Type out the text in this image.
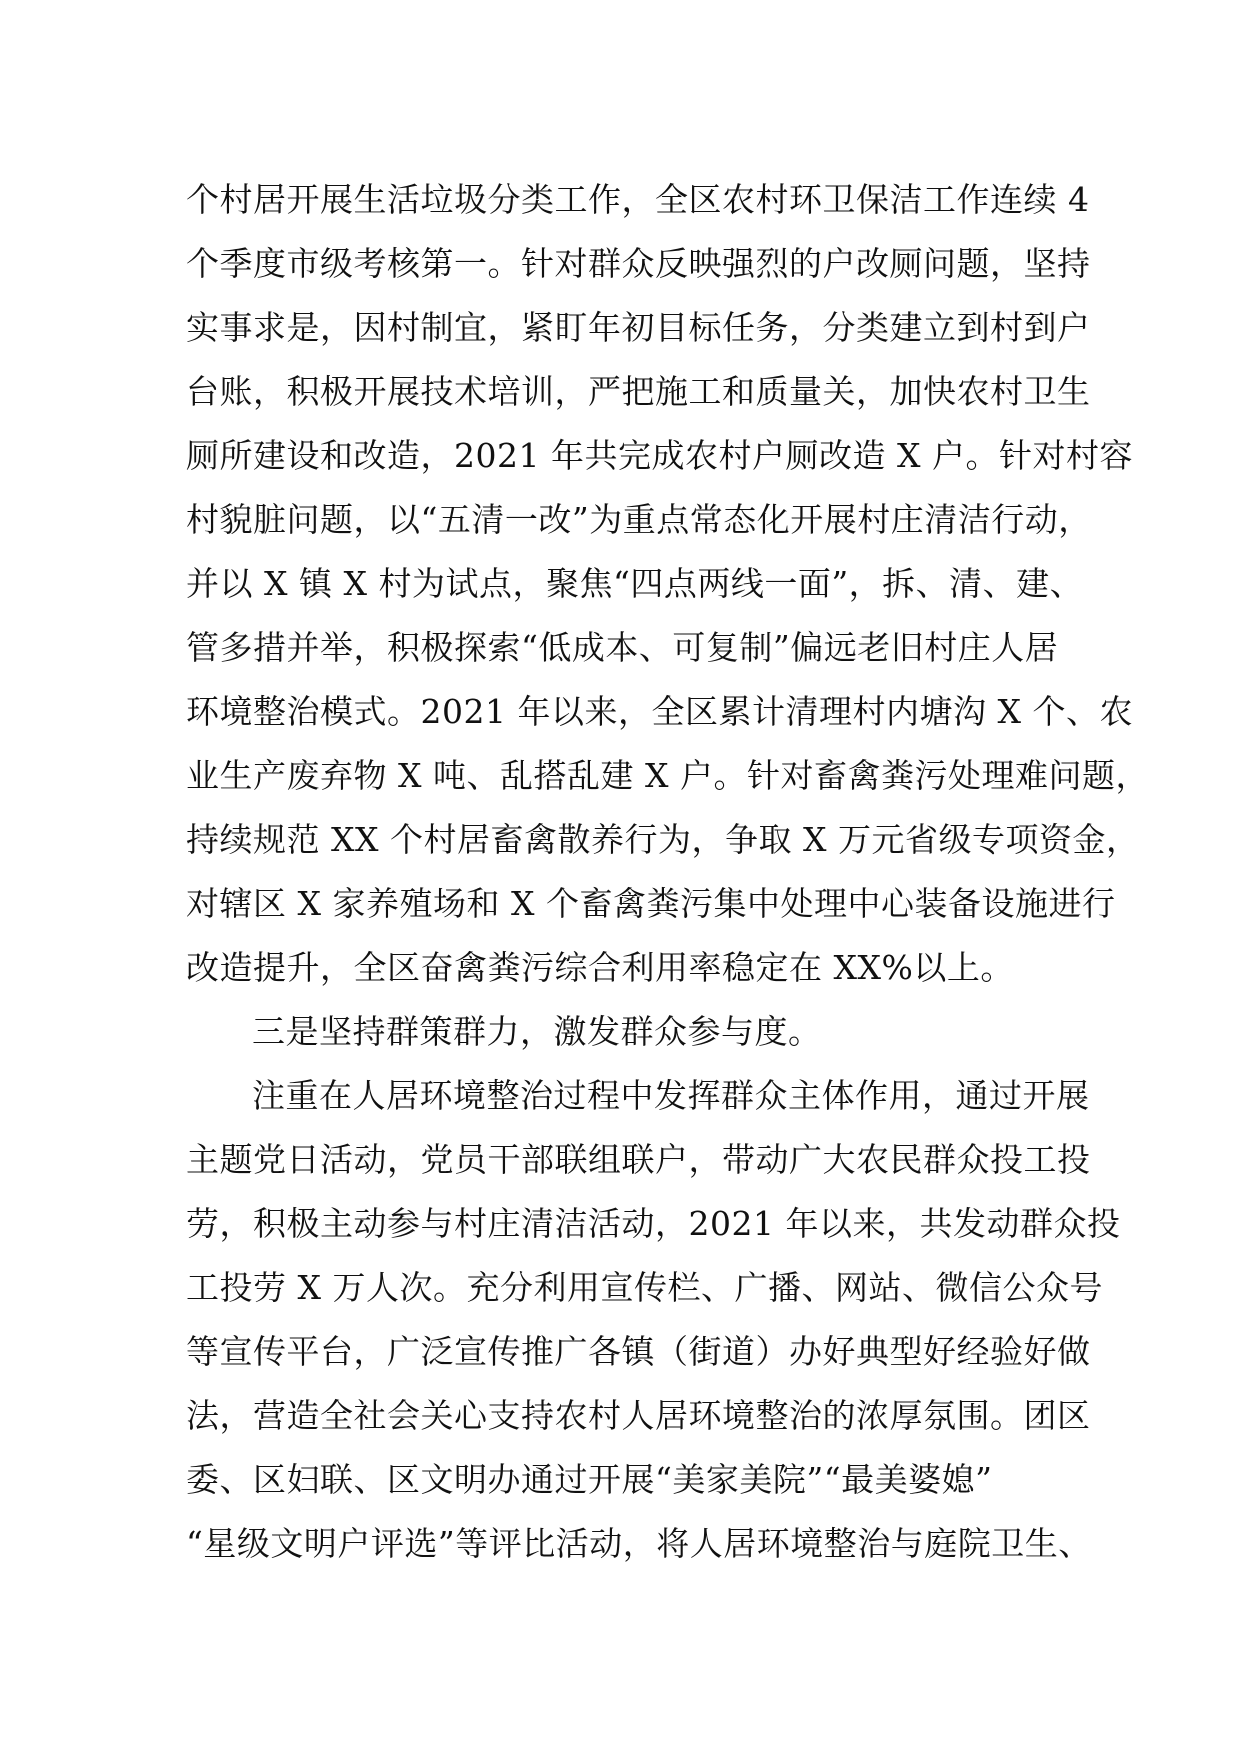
个村居开展生活垃圾分类工作，全区农村环卫保洁工作连续 4
个季度市级考核第一。针对群众反映强烈的户改厕问题，坚持
实事求是，因村制宜，紧盯年初目标任务，分类建立到村到户
台账，积极开展技术培训，严把施工和质量关，加快农村卫生
厕所建设和改造，2021 年共完成农村户厕改造 X 户。针对村容
村貌脏问题，以“五清一改”为重点常态化开展村庄清洁行动，
并以 X 镇 X 村为试点，聚焦“四点两线一面”，拆、清、建、
管多措并举，积极探索“低成本、可复制”偏远老旧村庄人居
环境整治模式。2021 年以来，全区累计清理村内塘沟 X 个、农
业生产废弃物 X 吨、乱搭乱建 X 户。针对畜禽粪污处理难问题，
持续规范 XX 个村居畜禽散养行为，争取 X 万元省级专项资金，
对辖区 X 家养殖场和 X 个畜禽粪污集中处理中心装备设施进行
改造提升，全区奋禽粪污综合利用率稳定在 XX%以上。
三是坚持群策群力，激发群众参与度。
注重在人居环境整治过程中发挥群众主体作用，通过开展
主题党日活动，党员干部联组联户，带动广大农民群众投工投
劳，积极主动参与村庄清洁活动，2021 年以来，共发动群众投
工投劳 X 万人次。充分利用宣传栏、广播、网站、微信公众号
等宣传平台，广泛宣传推广各镇（街道）办好典型好经验好做
法，营造全社会关心支持农村人居环境整治的浓厚氛围。团区
委、区妇联、区文明办通过开展“美家美院”“最美婆媳”
“星级文明户评选”等评比活动，将人居环境整治与庭院卫生、
